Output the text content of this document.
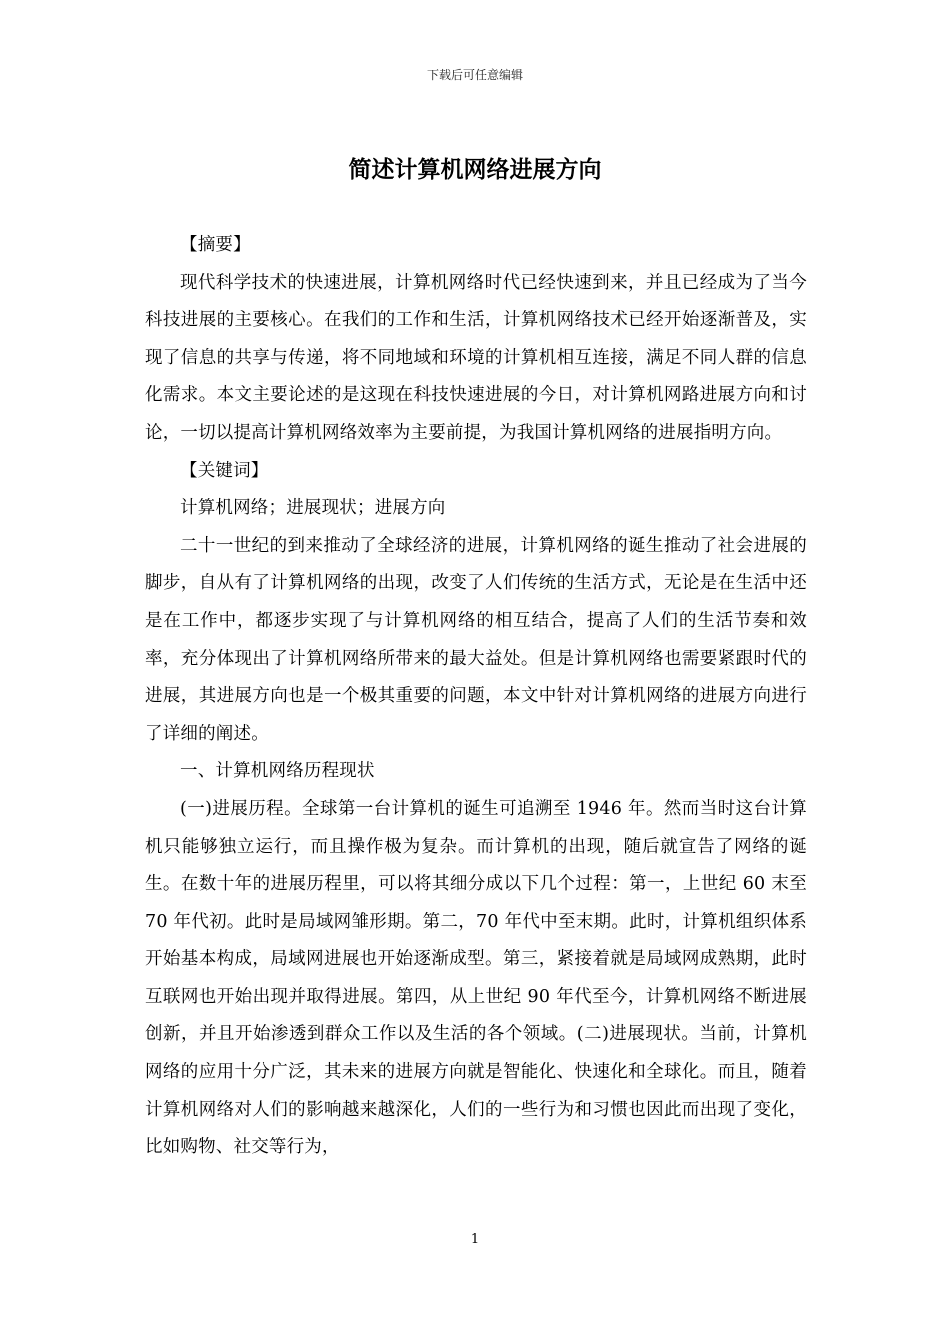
下载后可任意编辑
简述计算机网络进展方向

【摘要】

现代科学技术的快速进展，计算机网络时代已经快速到来，并且已经成为了当今科技进展的主要核心。在我们的工作和生活，计算机网络技术已经开始逐渐普及，实现了信息的共享与传递，将不同地域和环境的计算机相互连接，满足不同人群的信息化需求。本文主要论述的是这现在科技快速进展的今日，对计算机网路进展方向和讨论，一切以提高计算机网络效率为主要前提，为我国计算机网络的进展指明方向。

【关键词】

计算机网络；进展现状；进展方向

二十一世纪的到来推动了全球经济的进展，计算机网络的诞生推动了社会进展的脚步，自从有了计算机网络的出现，改变了人们传统的生活方式，无论是在生活中还是在工作中，都逐步实现了与计算机网络的相互结合，提高了人们的生活节奏和效率，充分体现出了计算机网络所带来的最大益处。但是计算机网络也需要紧跟时代的进展，其进展方向也是一个极其重要的问题，本文中针对计算机网络的进展方向进行了详细的阐述。

一、计算机网络历程现状

(一)进展历程。全球第一台计算机的诞生可追溯至 1946 年。然而当时这台计算机只能够独立运行，而且操作极为复杂。而计算机的出现，随后就宣告了网络的诞生。在数十年的进展历程里，可以将其细分成以下几个过程：第一，上世纪 60 末至 70 年代初。此时是局域网雏形期。第二，70 年代中至末期。此时，计算机组织体系开始基本构成，局域网进展也开始逐渐成型。第三，紧接着就是局域网成熟期，此时互联网也开始出现并取得进展。第四，从上世纪 90 年代至今，计算机网络不断进展创新，并且开始渗透到群众工作以及生活的各个领域。(二)进展现状。当前，计算机网络的应用十分广泛，其未来的进展方向就是智能化、快速化和全球化。而且，随着计算机网络对人们的影响越来越深化，人们的一些行为和习惯也因此而出现了变化，比如购物、社交等行为，

1
